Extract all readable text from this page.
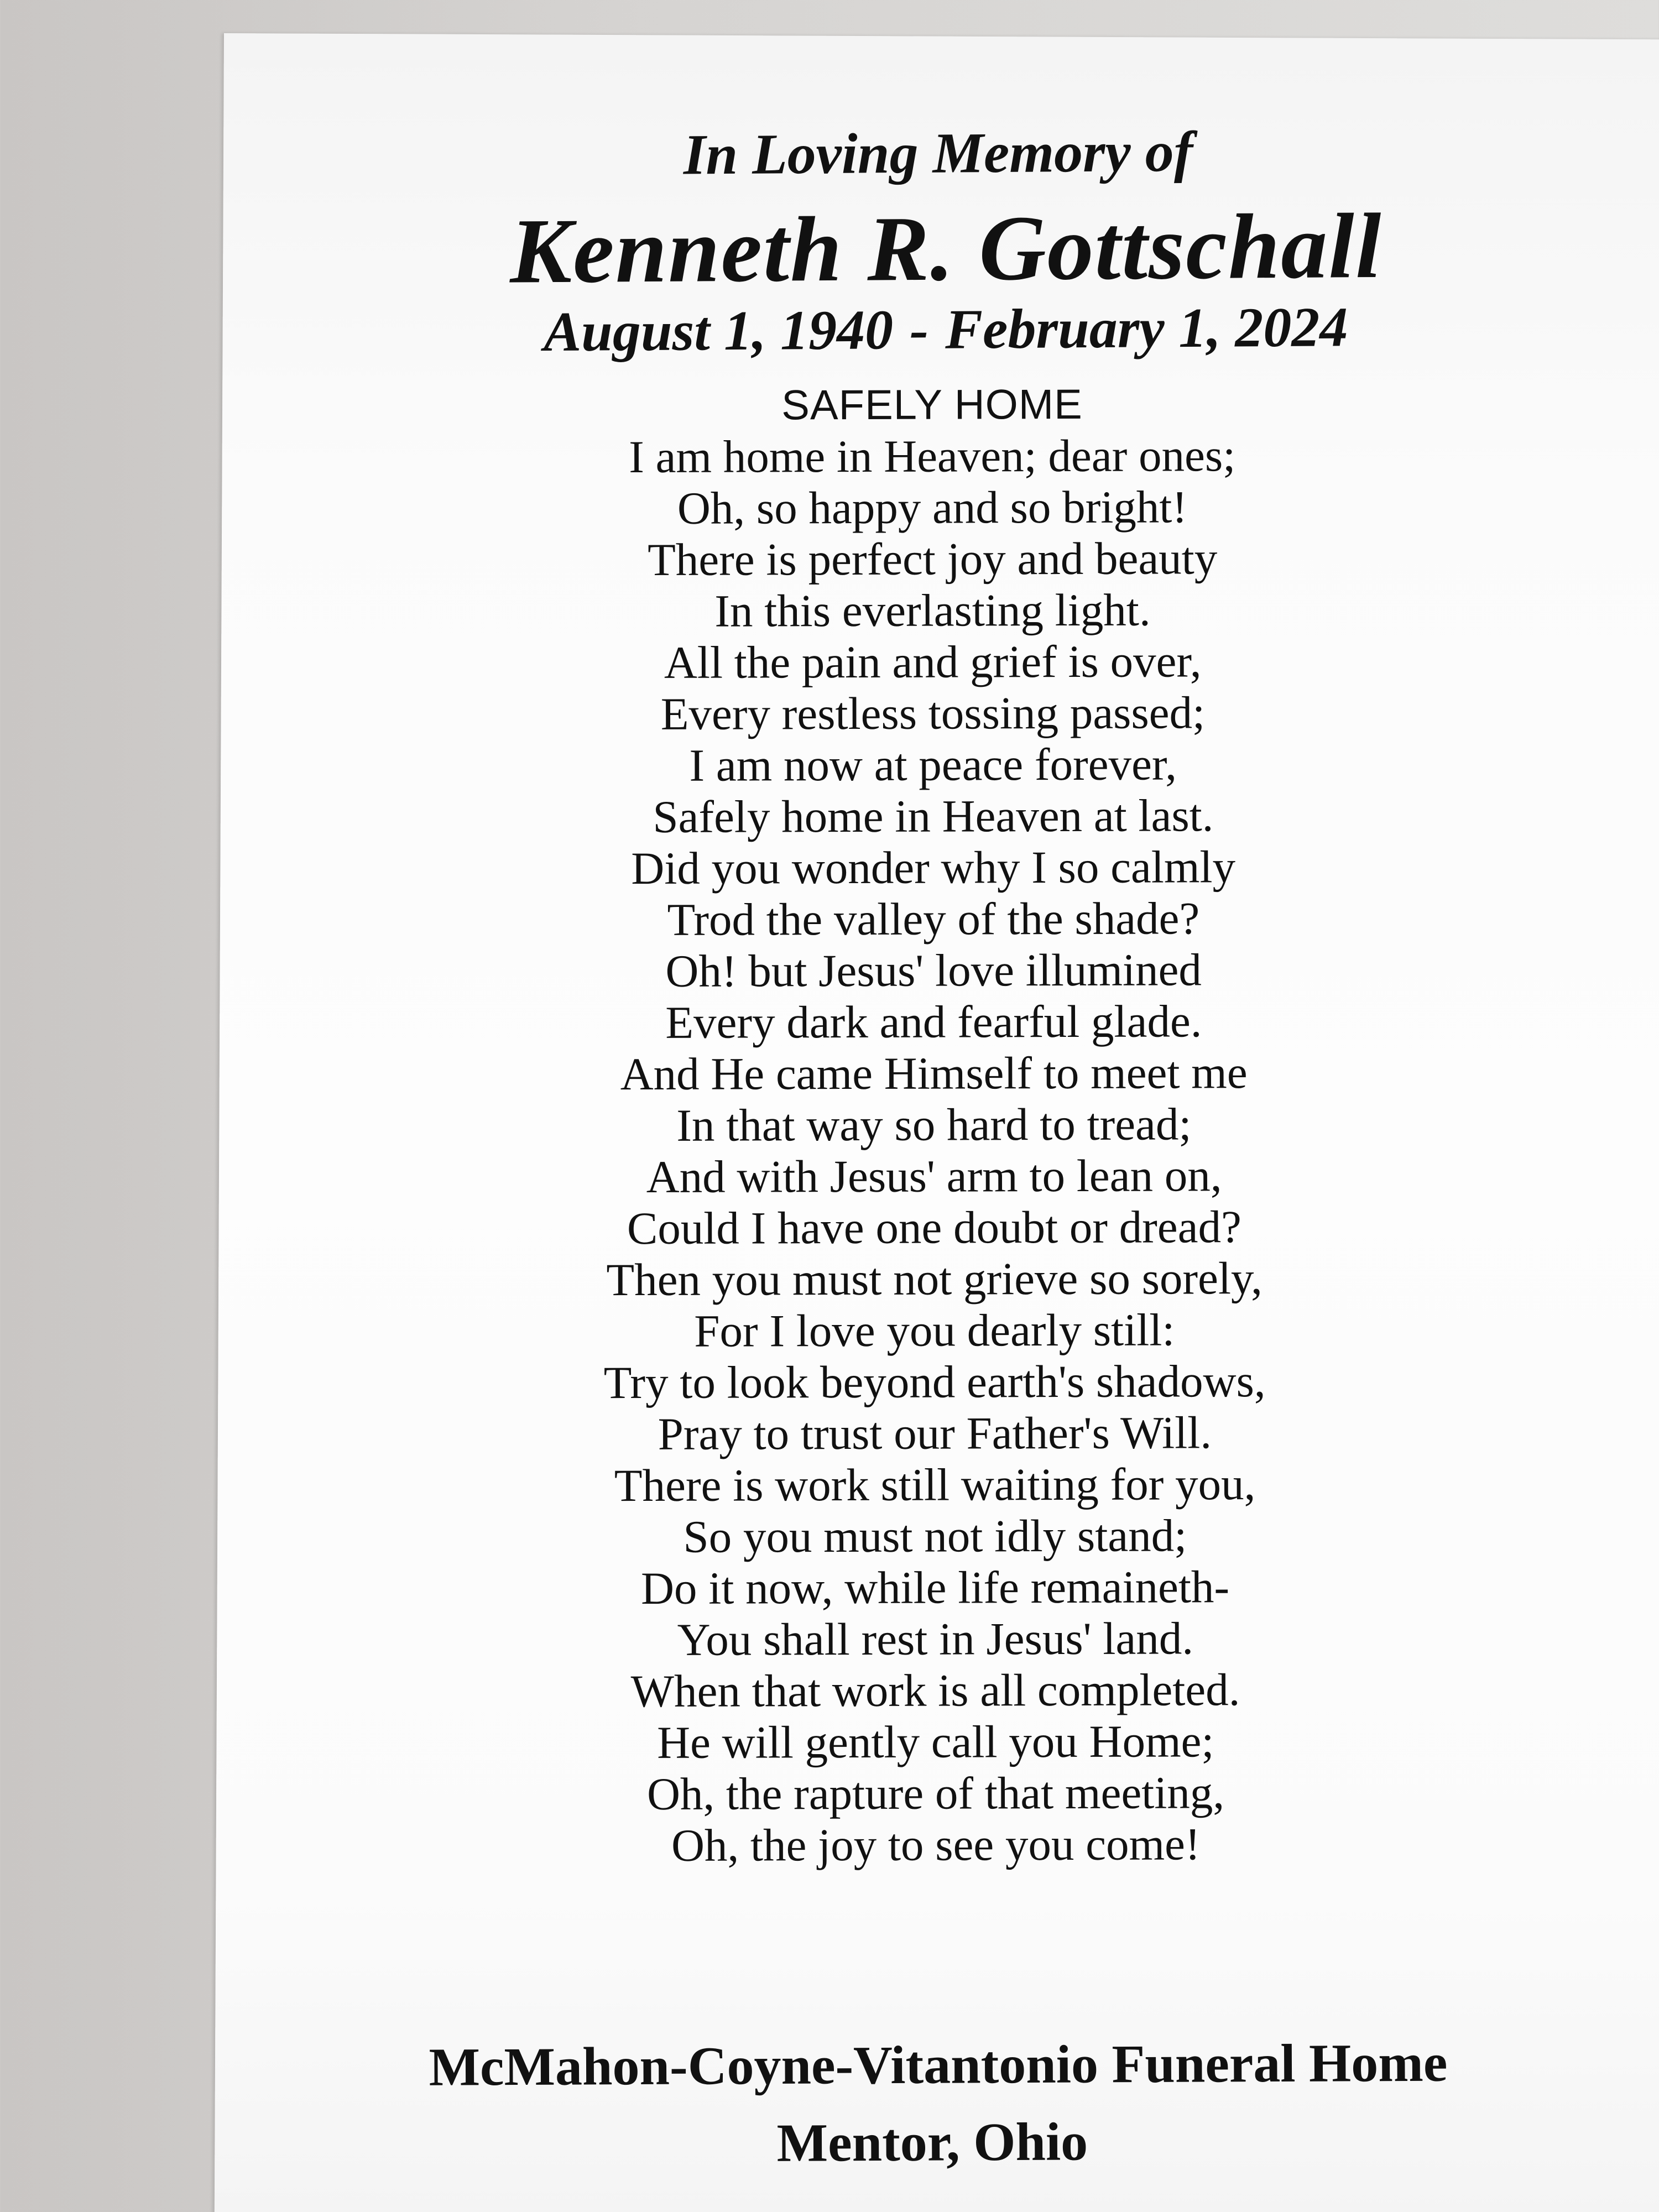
In Loving Memory of
Kenneth R. Gottschall
August 1, 1940 - February 1, 2024
SAFELY HOME
I am home in Heaven; dear ones;
Oh, so happy and so bright!
There is perfect joy and beauty
In this everlasting light.
All the pain and grief is over,
Every restless tossing passed;
I am now at peace forever,
Safely home in Heaven at last.
Did you wonder why I so calmly
Trod the valley of the shade?
Oh! but Jesus' love illumined
Every dark and fearful glade.
And He came Himself to meet me
In that way so hard to tread;
And with Jesus' arm to lean on,
Could I have one doubt or dread?
Then you must not grieve so sorely,
For I love you dearly still:
Try to look beyond earth's shadows,
Pray to trust our Father's Will.
There is work still waiting for you,
So you must not idly stand;
Do it now, while life remaineth-
You shall rest in Jesus' land.
When that work is all completed.
He will gently call you Home;
Oh, the rapture of that meeting,
Oh, the joy to see you come!
McMahon-Coyne-Vitantonio Funeral Home
Mentor, Ohio
